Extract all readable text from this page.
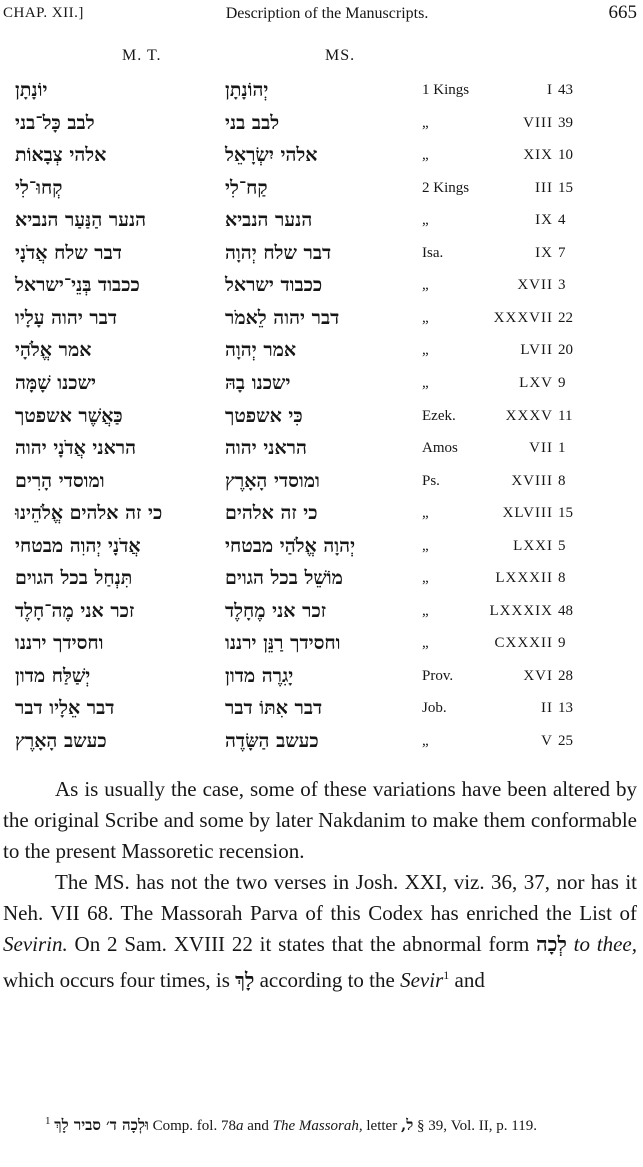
CHAP. XII.]	Description of the Manuscripts.	665
M. T.	MS.
יוֹנָתָן	יְהוֹנָתָן	1 Kings	I 43
לבב כָּל־בני	לבב בני	„	VIII 39
אלהי צְבָאוֹת	אלהי יִשְׂרָאֵל	„	XIX 10
קְחוּ־לִי	קַח־לִי	2 Kings	III 15
הנער הַנַּעַר הנביא	הנער הנביא	„	IX 4
דבר שלח אֲדֹנָי	דבר שלח יְהוָה	Isa.	IX 7
ככבוד בְּנֵי־ישראל	ככבוד ישראל	„	XVII 3
דבר יהוה עָלָיו	דבר יהוה לֵאמֹר	„	XXXVII 22
אמר אֱלֹהָי	אמר יְהוָה	„	LVII 20
ישכנו שָׁמָּה	ישכנו בָהּ	„	LXV 9
כַּאֲשֶׁר אשפטך	כִּי אשפטך	Ezek.	XXXV 11
הראני אֲדֹנָי יהוה	הראני יהוה	Amos	VII 1
ומוסדי הָרִים	ומוסדי הָאָרֶץ	Ps.	XVIII 8
כי זה אלהים אֱלֹהֵינוּ	כי זה אלהים	„	XLVIII 15
אֲדֹנָי יְהוִה מבטחי	יְהוָה אֱלֹהַי מבטחי	„	LXXI 5
תִּנְחַל בכל הגוים	מוֹשֵׁל בכל הגוים	„	LXXXII 8
זכר אני מֶה־חָלֶד	זכר אני מֶחָלֶד	„	LXXXIX 48
וחסידך ירננו	וחסידך רַנֵּן ירננו	„	CXXXII 9
יְשַׁלַּח מדון	יָגִרֶה מדון	Prov.	XVI 28
דבר אֵלָיו דבר	דבר אִתּוֹ דבר	Job.	II 13
כעשב הָאָרֶץ	כעשב הַשָּׂדֶה	„	V 25

As is usually the case, some of these variations have been altered by the original Scribe and some by later Nakdanim to make them conformable to the present Massoretic recension.

The MS. has not the two verses in Josh. XXI, viz. 36, 37, nor has it Neh. VII 68. The Massorah Parva of this Codex has enriched the List of Sevirin. On 2 Sam. XVIII 22 it states that the abnormal form לְכָה to thee, which occurs four times, is לָךְ according to the Sevir$^1$ and

$^1$ וּלְכָה ד׳ סביר לָךְ Comp. fol. 78a and The Massorah, letter ל, § 39, Vol. II, p. 119.
